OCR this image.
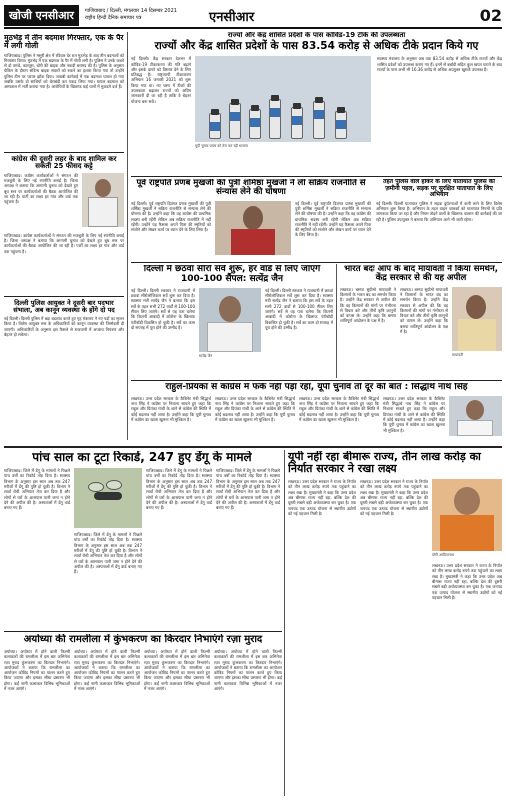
खोजी एनसीआर	गाजियाबाद / दिल्ली, मंगलवार 14 दिसम्बर 2021
राष्ट्रीय हिन्दी दैनिक समाचार पत्र	एनसीआर	02
मुठभेड़ में तीन बदमाश गिरफ्तार, एक के पैर में लगी गोली
गाजियाबाद। पुलिस ने मसूरी क्षेत्र में रविवार देर रात मुठभेड़ के बाद तीन बदमाशों को गिरफ्तार किया। मुठभेड़ में एक बदमाश के पैर में गोली लगी है। पुलिस ने उनके कब्जे से दो तमंचे, कारतूस, चोरी की बाइक और नकदी बरामद की है। पुलिस के अनुसार चेकिंग के दौरान संदिग्ध बाइक सवारों को रुकने का इशारा किया गया तो उन्होंने पुलिस टीम पर फायर झोंक दिया। जवाबी कार्रवाई में एक बदमाश घायल हो गया जबकि उसके दो साथियों को घेराबंदी कर पकड़ लिया गया। घायल बदमाश को अस्पताल में भर्ती कराया गया है। आरोपियों के खिलाफ कई थानों में मुकदमे दर्ज हैं।
कांग्रेस की दूसरी लहर के बाद शामिल कर सकती 25 फीसद कट्टे
गाजियाबाद। कांग्रेस कार्यकर्ताओं ने संगठन की मजबूती के लिए नई रणनीति बनाई है। जिला अध्यक्ष ने बताया कि आगामी चुनाव को देखते हुए बूथ स्तर पर कार्यकर्ताओं की बैठक आयोजित की जा रही है। पार्टी का लक्ष्य हर गांव और वार्ड तक पहुंचना है।
गाजियाबाद। कांग्रेस कार्यकर्ताओं ने संगठन की मजबूती के लिए नई रणनीति बनाई है। जिला अध्यक्ष ने बताया कि आगामी चुनाव को देखते हुए बूथ स्तर पर कार्यकर्ताओं की बैठक आयोजित की जा रही है। पार्टी का लक्ष्य हर गांव और वार्ड तक पहुंचना है।
दिल्ली पुलिस आयुक्त ने दूसरी बार पदभार संभाला, अब कानून व्यवस्था के होंगे दो पद
नई दिल्ली। दिल्ली पुलिस में बड़ा बदलाव करते हुए गृह मंत्रालय ने नए पदों का सृजन किया है। विशेष आयुक्त स्तर के अधिकारियों को कानून व्यवस्था की जिम्मेदारी दी जाएगी। अधिकारियों के अनुसार इस फैसले से राजधानी में अपराध नियंत्रण और बेहतर हो सकेगा।
राज्यों और केंद्र शासित प्रदेशों के पास कोविड-19 टीके की उपलब्धता
राज्यों और केंद्र शासित प्रदेशों के पास 83.54 करोड़ से अधिक टीके प्रदान किये गए
नई दिल्ली। केंद्र सरकार देशभर में कोविड-19 टीकाकरण की गति बढ़ाने और इसके दायरे को विस्तार देने के लिए प्रतिबद्ध है। राष्ट्रव्यापी टीकाकरण अभियान 16 जनवरी 2021 को शुरू किया गया था। नए चरण में टीकों की उपलब्धता बढ़ाकर राज्यों को अग्रिम जानकारी दी जा रही है ताकि वे बेहतर योजना बना सकें।
यूपी चुनाव प्रचार को तेज कर रही भाजपा
स्वास्थ्य मंत्रालय के अनुसार अब तक 83.54 करोड़ से अधिक टीके राज्यों और केंद्र शासित प्रदेशों को उपलब्ध कराए गए हैं। इनमें से बर्बादी सहित कुल खपत घटाने के बाद राज्यों के पास अभी भी 16.36 करोड़ से अधिक अप्रयुक्त खुराकें उपलब्ध हैं।
पूर्व राष्ट्रपति प्रणब मुखर्जी की पुत्री शर्मिष्ठा मुखर्जी ने ली सक्रिय राजनीति से संन्यास लेने की घोषणा
नई दिल्ली। पूर्व राष्ट्रपति दिवंगत प्रणब मुखर्जी की पुत्री शर्मिष्ठा मुखर्जी ने सक्रिय राजनीति से संन्यास लेने की घोषणा की है। उन्होंने कहा कि वह कांग्रेस की प्राथमिक सदस्य बनी रहेंगी लेकिन अब सक्रिय राजनीति में नहीं रहेंगी। उन्होंने यह फैसला अपने पिता की स्मृतियों को संजोने और लेखन कार्य पर ध्यान देने के लिए लिया है।
नई दिल्ली। पूर्व राष्ट्रपति दिवंगत प्रणब मुखर्जी की पुत्री शर्मिष्ठा मुखर्जी ने सक्रिय राजनीति से संन्यास लेने की घोषणा की है। उन्होंने कहा कि वह कांग्रेस की प्राथमिक सदस्य बनी रहेंगी लेकिन अब सक्रिय राजनीति में नहीं रहेंगी। उन्होंने यह फैसला अपने पिता की स्मृतियों को संजोने और लेखन कार्य पर ध्यान देने के लिए लिया है।
तहत पुलिस वाले होकर के लिए यातायात पुलिस की ज़मीनी पहल, सड़क पर सुरक्षित यातायात के लिए अभियान
नई दिल्ली। दिल्ली यातायात पुलिस ने सड़क दुर्घटनाओं में कमी लाने के लिए विशेष अभियान शुरू किया है। अभियान के तहत वाहन चालकों को यातायात नियमों के प्रति जागरूक किया जा रहा है और नियम तोड़ने वालों के खिलाफ चालान की कार्रवाई की जा रही है। पुलिस उपायुक्त ने बताया कि अभियान आगे भी जारी रहेगा।
दिल्ली में छठवां सीरो सर्वे शुरू, हर वार्ड से लिए जाएंगे 100-100 सैंपल: सत्येंद्र जैन
नई दिल्ली। दिल्ली सरकार ने राजधानी में छठवां सीरोलॉजिकल सर्वे शुरू कर दिया है। स्वास्थ्य मंत्री सत्येंद्र जैन ने बताया कि इस सर्वे के तहत सभी 272 वार्डों से 100-100 सैंपल लिए जाएंगे। सर्वे से यह पता चलेगा कि कितनी आबादी में कोरोना के खिलाफ एंटीबॉडी विकसित हो चुकी है। सर्वे का काम दो सप्ताह में पूरा होने की उम्मीद है।
सत्येंद्र जैन
नई दिल्ली। दिल्ली सरकार ने राजधानी में छठवां सीरोलॉजिकल सर्वे शुरू कर दिया है। स्वास्थ्य मंत्री सत्येंद्र जैन ने बताया कि इस सर्वे के तहत सभी 272 वार्डों से 100-100 सैंपल लिए जाएंगे। सर्वे से यह पता चलेगा कि कितनी आबादी में कोरोना के खिलाफ एंटीबॉडी विकसित हो चुकी है। सर्वे का काम दो सप्ताह में पूरा होने की उम्मीद है।
भारत बंदः आप के बाद मायावती ने किया समर्थन, केंद्र सरकार से की यह अपील
लखनऊ। बसपा सुप्रीमो मायावती ने किसानों के भारत बंद का समर्थन किया है। उन्होंने केंद्र सरकार से अपील की कि वह किसानों की मांगों पर गंभीरता से विचार करे और तीनों कृषि कानूनों को वापस ले। उन्होंने कहा कि बसपा शांतिपूर्ण आंदोलन के पक्ष में है।
लखनऊ। बसपा सुप्रीमो मायावती ने किसानों के भारत बंद का समर्थन किया है। उन्होंने केंद्र सरकार से अपील की कि वह किसानों की मांगों पर गंभीरता से विचार करे और तीनों कृषि कानूनों को वापस ले। उन्होंने कहा कि बसपा शांतिपूर्ण आंदोलन के पक्ष में है।
मायावती
राहुल-प्रियंका से कांग्रेस में फर्क नहीं पड़ा रहा, यूपी चुनाव तो दूर की बात : सिद्धार्थ नाथ सिंह
लखनऊ। उत्तर प्रदेश सरकार के कैबिनेट मंत्री सिद्धार्थ नाथ सिंह ने कांग्रेस पर निशाना साधते हुए कहा कि राहुल और प्रियंका गांधी के आने से कांग्रेस की स्थिति में कोई बदलाव नहीं आया है। उन्होंने कहा कि यूपी चुनाव में कांग्रेस का खाता खुलना भी मुश्किल है।
लखनऊ। उत्तर प्रदेश सरकार के कैबिनेट मंत्री सिद्धार्थ नाथ सिंह ने कांग्रेस पर निशाना साधते हुए कहा कि राहुल और प्रियंका गांधी के आने से कांग्रेस की स्थिति में कोई बदलाव नहीं आया है। उन्होंने कहा कि यूपी चुनाव में कांग्रेस का खाता खुलना भी मुश्किल है।
लखनऊ। उत्तर प्रदेश सरकार के कैबिनेट मंत्री सिद्धार्थ नाथ सिंह ने कांग्रेस पर निशाना साधते हुए कहा कि राहुल और प्रियंका गांधी के आने से कांग्रेस की स्थिति में कोई बदलाव नहीं आया है। उन्होंने कहा कि यूपी चुनाव में कांग्रेस का खाता खुलना भी मुश्किल है।
लखनऊ। उत्तर प्रदेश सरकार के कैबिनेट मंत्री सिद्धार्थ नाथ सिंह ने कांग्रेस पर निशाना साधते हुए कहा कि राहुल और प्रियंका गांधी के आने से कांग्रेस की स्थिति में कोई बदलाव नहीं आया है। उन्होंने कहा कि यूपी चुनाव में कांग्रेस का खाता खुलना भी मुश्किल है।
पांच साल का टूटा रिकार्ड, 247 हुए डेंगू के मामले
गाजियाबाद। जिले में डेंगू के मामलों ने पिछले पांच वर्षों का रिकॉर्ड तोड़ दिया है। स्वास्थ्य विभाग के अनुसार इस साल अब तक 247 मरीजों में डेंगू की पुष्टि हो चुकी है। विभाग ने लार्वा रोधी अभियान तेज कर दिया है और लोगों से घरों के आसपास पानी जमा न होने देने की अपील की है। अस्पतालों में डेंगू वार्ड बनाए गए हैं।
गाजियाबाद। जिले में डेंगू के मामलों ने पिछले पांच वर्षों का रिकॉर्ड तोड़ दिया है। स्वास्थ्य विभाग के अनुसार इस साल अब तक 247 मरीजों में डेंगू की पुष्टि हो चुकी है। विभाग ने लार्वा रोधी अभियान तेज कर दिया है और लोगों से घरों के आसपास पानी जमा न होने देने की अपील की है। अस्पतालों में डेंगू वार्ड बनाए गए हैं।
गाजियाबाद। जिले में डेंगू के मामलों ने पिछले पांच वर्षों का रिकॉर्ड तोड़ दिया है। स्वास्थ्य विभाग के अनुसार इस साल अब तक 247 मरीजों में डेंगू की पुष्टि हो चुकी है। विभाग ने लार्वा रोधी अभियान तेज कर दिया है और लोगों से घरों के आसपास पानी जमा न होने देने की अपील की है। अस्पतालों में डेंगू वार्ड बनाए गए हैं।
गाजियाबाद। जिले में डेंगू के मामलों ने पिछले पांच वर्षों का रिकॉर्ड तोड़ दिया है। स्वास्थ्य विभाग के अनुसार इस साल अब तक 247 मरीजों में डेंगू की पुष्टि हो चुकी है। विभाग ने लार्वा रोधी अभियान तेज कर दिया है और लोगों से घरों के आसपास पानी जमा न होने देने की अपील की है। अस्पतालों में डेंगू वार्ड बनाए गए हैं।
यूपी नहीं रहा बीमारू राज्य, तीन लाख करोड़ का निर्यात सरकार ने रखा लक्ष्य
लखनऊ। उत्तर प्रदेश सरकार ने राज्य के निर्यात को तीन लाख करोड़ रुपये तक पहुंचाने का लक्ष्य रखा है। मुख्यमंत्री ने कहा कि उत्तर प्रदेश अब बीमारू राज्य नहीं रहा, बल्कि देश की दूसरी सबसे बड़ी अर्थव्यवस्था बन चुका है। एक जनपद एक उत्पाद योजना से स्थानीय उद्योगों को नई पहचान मिली है।
लखनऊ। उत्तर प्रदेश सरकार ने राज्य के निर्यात को तीन लाख करोड़ रुपये तक पहुंचाने का लक्ष्य रखा है। मुख्यमंत्री ने कहा कि उत्तर प्रदेश अब बीमारू राज्य नहीं रहा, बल्कि देश की दूसरी सबसे बड़ी अर्थव्यवस्था बन चुका है। एक जनपद एक उत्पाद योजना से स्थानीय उद्योगों को नई पहचान मिली है।
योगी आदित्यनाथ
लखनऊ। उत्तर प्रदेश सरकार ने राज्य के निर्यात को तीन लाख करोड़ रुपये तक पहुंचाने का लक्ष्य रखा है। मुख्यमंत्री ने कहा कि उत्तर प्रदेश अब बीमारू राज्य नहीं रहा, बल्कि देश की दूसरी सबसे बड़ी अर्थव्यवस्था बन चुका है। एक जनपद एक उत्पाद योजना से स्थानीय उद्योगों को नई पहचान मिली है।
अयोध्या की रामलीला में कुंभकरण का किरदार निभाएंगे रज़ा मुराद
अयोध्या। अयोध्या में होने वाली फिल्मी कलाकारों की रामलीला में इस बार अभिनेता रज़ा मुराद कुंभकरण का किरदार निभाएंगे। आयोजकों ने बताया कि रामलीला का आयोजन कोविड नियमों का पालन करते हुए किया जाएगा और इसका सीधा प्रसारण भी होगा। कई नामी कलाकार विभिन्न भूमिकाओं में नजर आएंगे।
अयोध्या। अयोध्या में होने वाली फिल्मी कलाकारों की रामलीला में इस बार अभिनेता रज़ा मुराद कुंभकरण का किरदार निभाएंगे। आयोजकों ने बताया कि रामलीला का आयोजन कोविड नियमों का पालन करते हुए किया जाएगा और इसका सीधा प्रसारण भी होगा। कई नामी कलाकार विभिन्न भूमिकाओं में नजर आएंगे।
अयोध्या। अयोध्या में होने वाली फिल्मी कलाकारों की रामलीला में इस बार अभिनेता रज़ा मुराद कुंभकरण का किरदार निभाएंगे। आयोजकों ने बताया कि रामलीला का आयोजन कोविड नियमों का पालन करते हुए किया जाएगा और इसका सीधा प्रसारण भी होगा। कई नामी कलाकार विभिन्न भूमिकाओं में नजर आएंगे।
अयोध्या। अयोध्या में होने वाली फिल्मी कलाकारों की रामलीला में इस बार अभिनेता रज़ा मुराद कुंभकरण का किरदार निभाएंगे। आयोजकों ने बताया कि रामलीला का आयोजन कोविड नियमों का पालन करते हुए किया जाएगा और इसका सीधा प्रसारण भी होगा। कई नामी कलाकार विभिन्न भूमिकाओं में नजर आएंगे।
